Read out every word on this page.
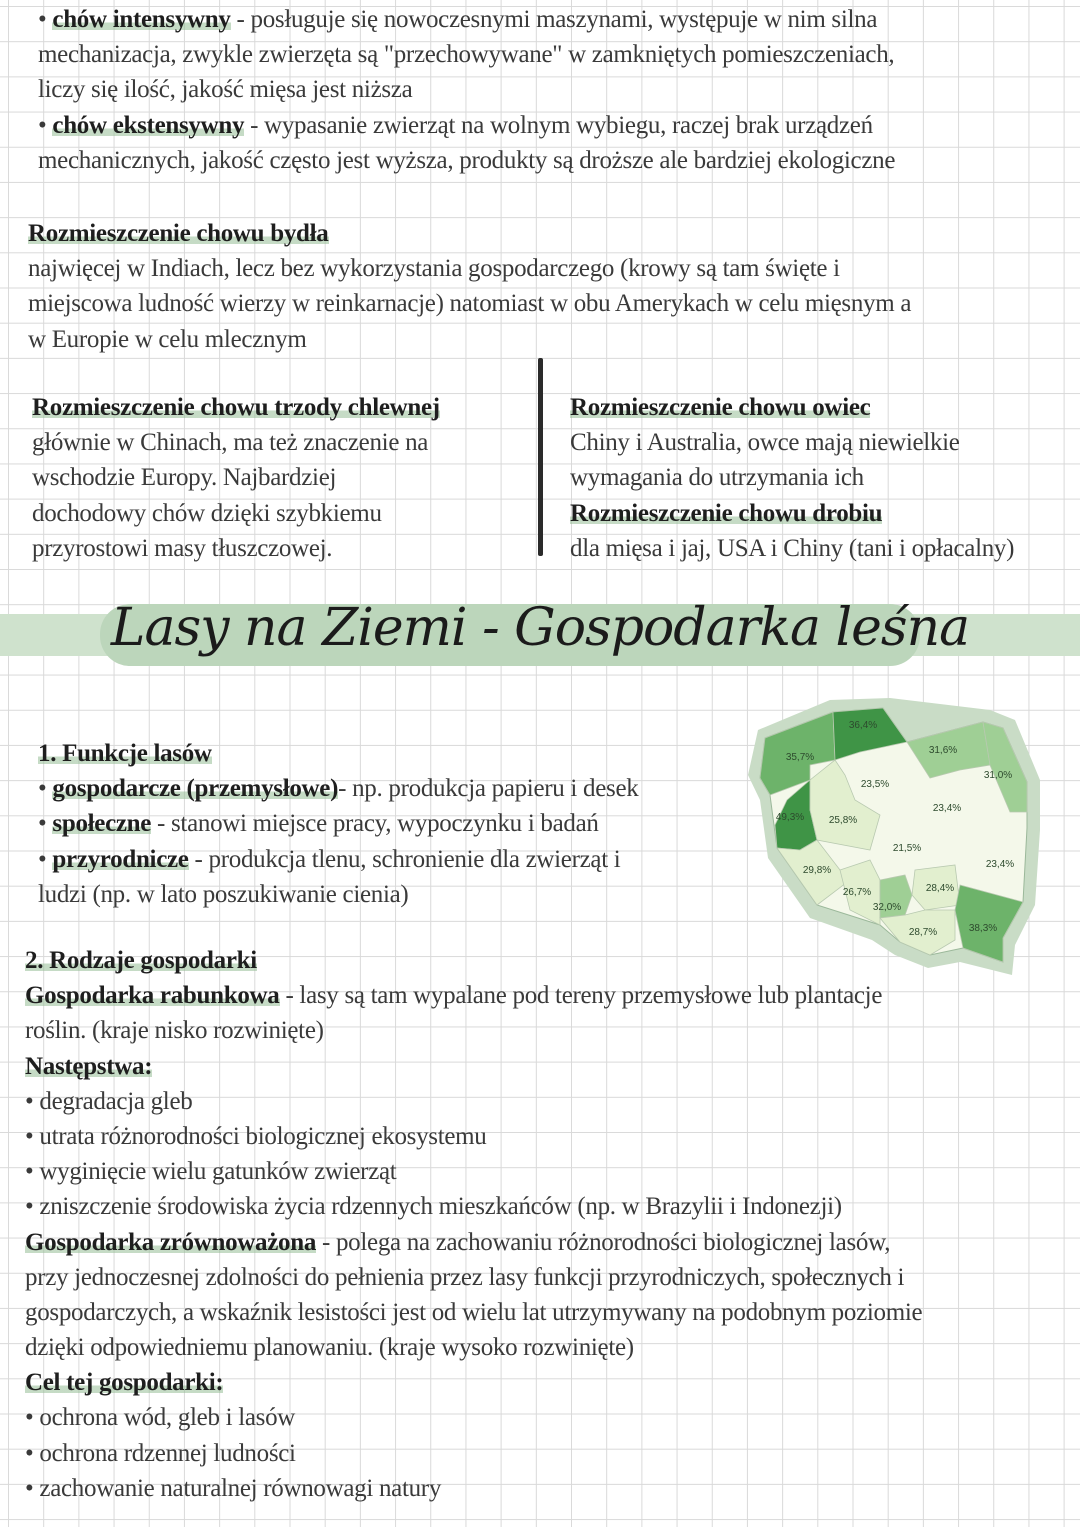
• chów intensywny - posługuje się nowoczesnymi maszynami, występuje w nim silna
mechanizacja, zwykle zwierzęta są "przechowywane" w zamkniętych pomieszczeniach,
liczy się ilość, jakość mięsa jest niższa
• chów ekstensywny - wypasanie zwierząt na wolnym wybiegu, raczej brak urządzeń
mechanicznych, jakość często jest wyższa, produkty są droższe ale bardziej ekologiczne
Rozmieszczenie chowu bydła
najwięcej w Indiach, lecz bez wykorzystania gospodarczego (krowy są tam święte i
miejscowa ludność wierzy w reinkarnacje) natomiast w obu Amerykach w celu mięsnym a
w Europie w celu mlecznym
Rozmieszczenie chowu trzody chlewnej
głównie w Chinach, ma też znaczenie na
wschodzie Europy. Najbardziej
dochodowy chów dzięki szybkiemu
przyrostowi masy tłuszczowej.
Rozmieszczenie chowu owiec
Chiny i Australia, owce mają niewielkie
wymagania do utrzymania ich
Rozmieszczenie chowu drobiu
dla mięsa i jaj, USA i Chiny (tani i opłacalny)
Lasy na Ziemi - Gospodarka leśna
1. Funkcje lasów
• gospodarcze (przemysłowe)- np. produkcja papieru i desek
• społeczne - stanowi miejsce pracy, wypoczynku i badań
• przyrodnicze - produkcja tlenu, schronienie dla zwierząt i
ludzi (np. w lato poszukiwanie cienia)
2. Rodzaje gospodarki
Gospodarka rabunkowa - lasy są tam wypalane pod tereny przemysłowe lub plantacje
roślin. (kraje nisko rozwinięte)
Następstwa:
• degradacja gleb
• utrata różnorodności biologicznej ekosystemu
• wyginięcie wielu gatunków zwierząt
• zniszczenie środowiska życia rdzennych mieszkańców (np. w Brazylii i Indonezji)
Gospodarka zrównoważona - polega na zachowaniu różnorodności biologicznej lasów,
przy jednoczesnej zdolności do pełnienia przez lasy funkcji przyrodniczych, społecznych i
gospodarczych, a wskaźnik lesistości jest od wielu lat utrzymywany na podobnym poziomie
dzięki odpowiedniemu planowaniu. (kraje wysoko rozwinięte)
Cel tej gospodarki:
• ochrona wód, gleb i lasów
• ochrona rdzennej ludności
• zachowanie naturalnej równowagi natury
36,4%
35,7%
31,6%
31,0%
23,5%
23,4%
49,3% 25,8%
21,5%
23,4%
29,8%
26,7%
32,0%
28,4%
28,7%	38,3%
